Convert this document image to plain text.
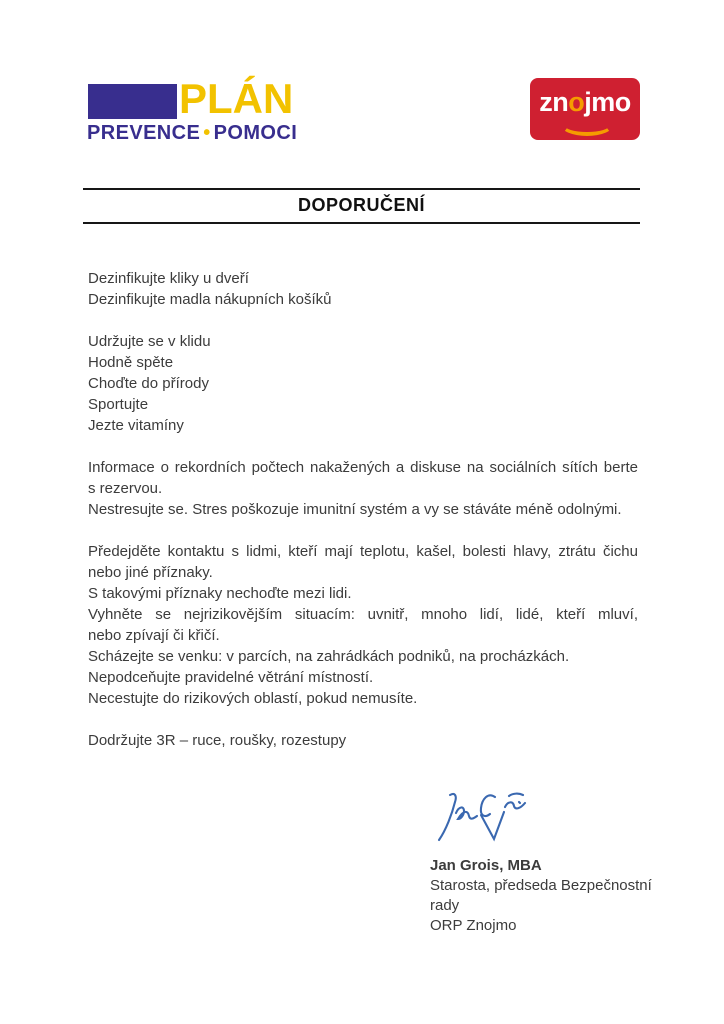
PLÁN
PREVENCE • POMOCI
znojmo
DOPORUČENÍ
Dezinfikujte kliky u dveří
Dezinfikujte madla nákupních košíků
Udržujte se v klidu
Hodně spěte
Choďte do přírody
Sportujte
Jezte vitamíny
Informace o rekordních počtech nakažených a diskuse na sociálních sítích berte
s rezervou.
Nestresujte se. Stres poškozuje imunitní systém a vy se stáváte méně odolnými.
Předejděte kontaktu s lidmi, kteří mají teplotu, kašel, bolesti hlavy, ztrátu čichu
nebo jiné příznaky.
S takovými příznaky nechoďte mezi lidi.
Vyhněte se nejrizikovějším situacím: uvnitř, mnoho lidí, lidé, kteří mluví,
nebo zpívají či křičí.
Scházejte se venku: v parcích, na zahrádkách podniků, na procházkách.
Nepodceňujte pravidelné větrání místností.
Necestujte do rizikových oblastí, pokud nemusíte.
Dodržujte 3R – ruce, roušky, rozestupy
Jan Grois, MBA
Starosta, předseda Bezpečnostní rady
ORP Znojmo
